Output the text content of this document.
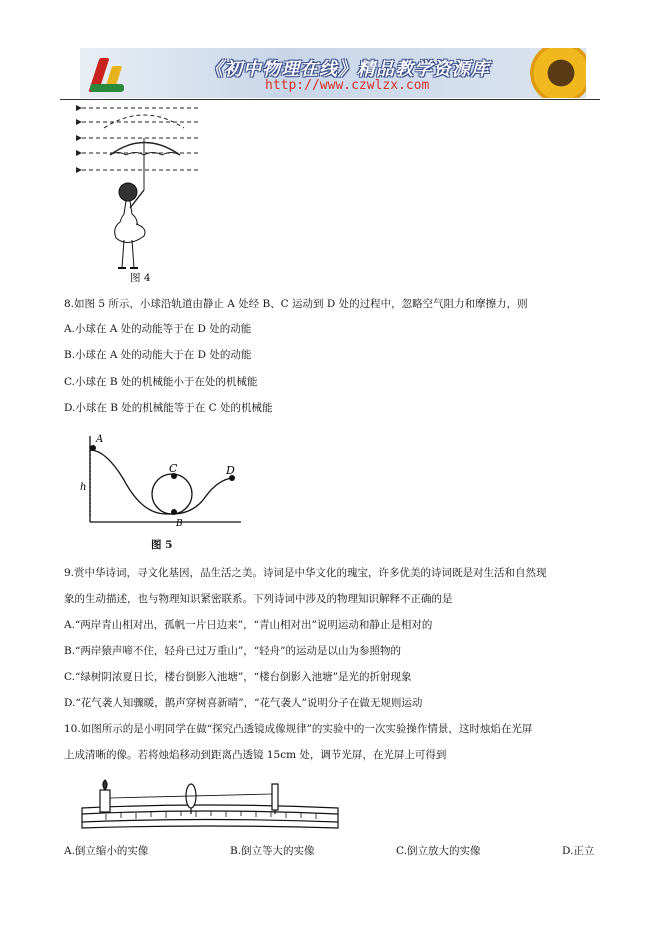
《初中物理在线》精品教学资源库
http://www.czwlzx.com
图 4
8.如图 5 所示，小球沿轨道由静止 A 处经 B、C 运动到 D 处的过程中，忽略空气阻力和摩擦力，则
A.小球在 A 处的动能等于在 D 处的动能
B.小球在 A 处的动能大于在 D 处的动能
C.小球在 B 处的机械能小于在处的机械能
D.小球在 B 处的机械能等于在 C 处的机械能
A
B
C	D
h
图 5
9.赏中华诗词，寻文化基因，品生活之美。诗词是中华文化的瑰宝，许多优美的诗词既是对生活和自然现
象的生动描述，也与物理知识紧密联系。下列诗词中涉及的物理知识解释不正确的是
A.“两岸青山相对出，孤帆一片日边来”，“青山相对出”说明运动和静止是相对的
B.“两岸猿声啼不住，轻舟已过万重山”，“轻舟”的运动是以山为参照物的
C.“绿树阴浓夏日长，楼台倒影入池塘”，“楼台倒影入池塘”是光的折射现象
D.“花气袭人知骤暖，鹊声穿树喜新晴”，“花气袭人”说明分子在做无规则运动
10.如图所示的是小明同学在做“探究凸透镜成像规律”的实验中的一次实验操作情景，这时烛焰在光屏
上成清晰的像。若将烛焰移动到距离凸透镜 15cm 处，调节光屏，在光屏上可得到
A.倒立缩小的实像	B.倒立等大的实像	C.倒立放大的实像	D.正立
